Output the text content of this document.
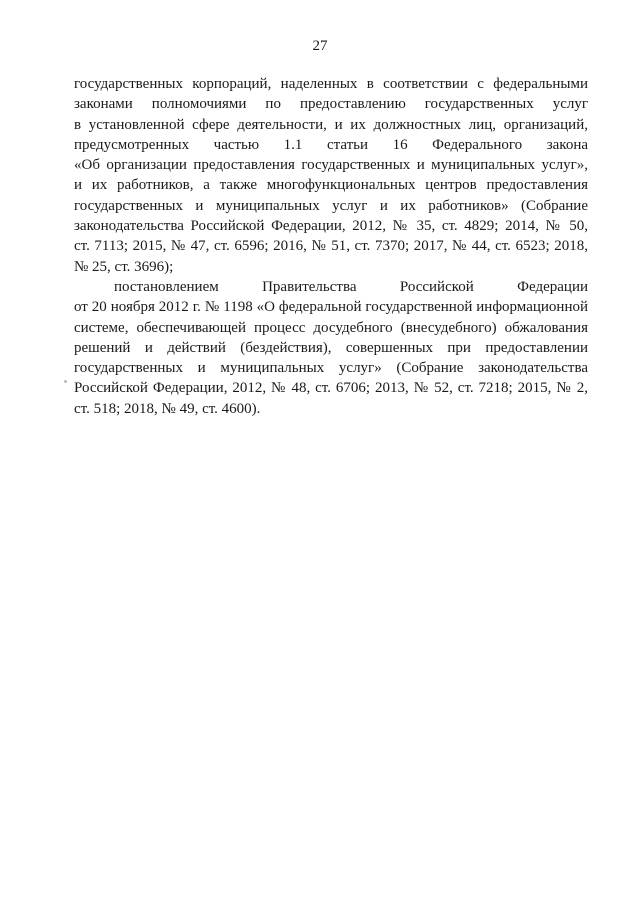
27
государственных корпораций, наделенных в соответствии с федеральными
законами полномочиями по предоставлению государственных услуг
в установленной сфере деятельности, и их должностных лиц, организаций,
предусмотренных частью 1.1 статьи 16 Федерального закона
«Об организации предоставления государственных и муниципальных услуг»,
и их работников, а также многофункциональных центров предоставления
государственных и муниципальных услуг и их работников» (Собрание
законодательства Российской Федерации, 2012, № 35, ст. 4829; 2014, № 50,
ст. 7113; 2015, № 47, ст. 6596; 2016, № 51, ст. 7370; 2017, № 44, ст. 6523; 2018,
№ 25, ст. 3696);
постановлением Правительства Российской Федерации
от 20 ноября 2012 г. № 1198 «О федеральной государственной информационной
системе, обеспечивающей процесс досудебного (внесудебного) обжалования
решений и действий (бездействия), совершенных при предоставлении
государственных и муниципальных услуг» (Собрание законодательства
Российской Федерации, 2012, № 48, ст. 6706; 2013, № 52, ст. 7218; 2015, № 2,
ст. 518; 2018, № 49, ст. 4600).
